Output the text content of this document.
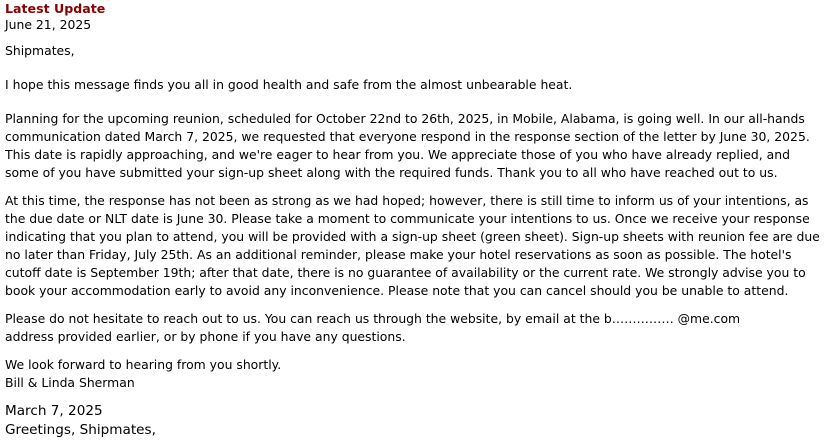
Latest Update
June 21, 2025

Shipmates,

I hope this message finds you all in good health and safe from the almost unbearable heat.

Planning for the upcoming reunion, scheduled for October 22nd to 26th, 2025, in Mobile, Alabama, is going well. In our all-hands communication dated March 7, 2025, we requested that everyone respond in the response section of the letter by June 30, 2025. This date is rapidly approaching, and we're eager to hear from you. We appreciate those of you who have already replied, and some of you have submitted your sign-up sheet along with the required funds. Thank you to all who have reached out to us.

At this time, the response has not been as strong as we had hoped; however, there is still time to inform us of your intentions, as the due date or NLT date is June 30. Please take a moment to communicate your intentions to us. Once we receive your response indicating that you plan to attend, you will be provided with a sign-up sheet (green sheet). Sign-up sheets with reunion fee are due no later than Friday, July 25th. As an additional reminder, please make your hotel reservations as soon as possible. The hotel's cutoff date is September 19th; after that date, there is no guarantee of availability or the current rate. We strongly advise you to book your accommodation early to avoid any inconvenience. Please note that you can cancel should you be unable to attend.

Please do not hesitate to reach out to us. You can reach us through the website, by email at the b…………… @me.com

address provided earlier, or by phone if you have any questions.

We look forward to hearing from you shortly.

Bill & Linda Sherman

March 7, 2025
Greetings, Shipmates,
